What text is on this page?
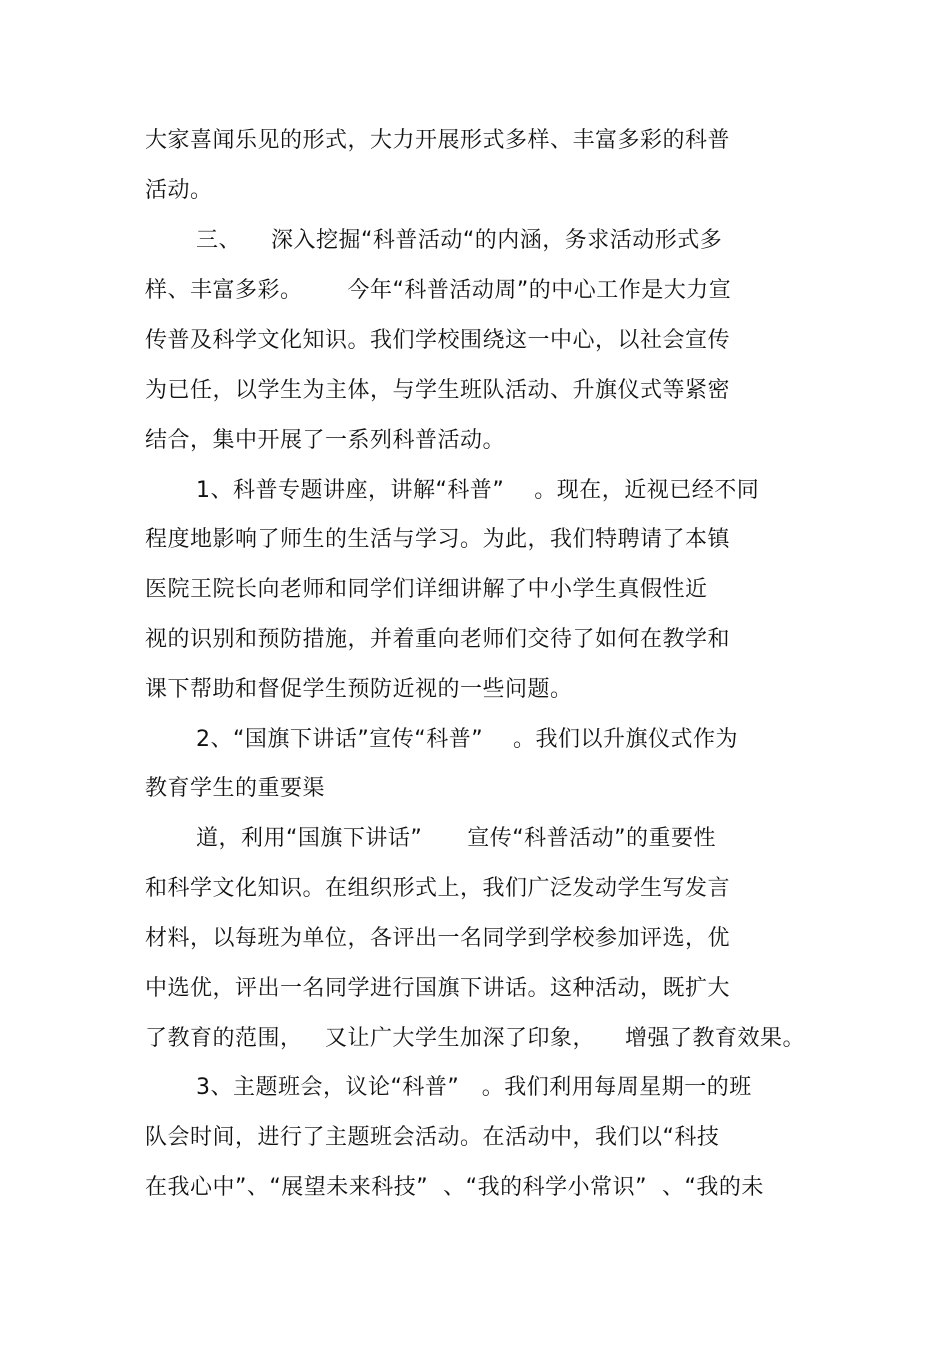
大家喜闻乐见的形式，大力开展形式多样、丰富多彩的科普
活动。
三、    深入挖掘“科普活动“的内涵，务求活动形式多
样、丰富多彩。      今年“科普活动周”的中心工作是大力宣
传普及科学文化知识。我们学校围绕这一中心，以社会宣传
为已任，以学生为主体，与学生班队活动、升旗仪式等紧密
结合，集中开展了一系列科普活动。
1、科普专题讲座，讲解“科普”    。现在，近视已经不同
程度地影响了师生的生活与学习。为此，我们特聘请了本镇
医院王院长向老师和同学们详细讲解了中小学生真假性近
视的识别和预防措施，并着重向老师们交待了如何在教学和
课下帮助和督促学生预防近视的一些问题。
2、“国旗下讲话”宣传“科普”    。我们以升旗仪式作为
教育学生的重要渠
道，利用“国旗下讲话”      宣传“科普活动”的重要性
和科学文化知识。在组织形式上，我们广泛发动学生写发言
材料，以每班为单位，各评出一名同学到学校参加评选，优
中选优，评出一名同学进行国旗下讲话。这种活动，既扩大
了教育的范围，   又让广大学生加深了印象，    增强了教育效果。
3、主题班会，议论“科普”   。我们利用每周星期一的班
队会时间，进行了主题班会活动。在活动中，我们以“科技
在我心中”、“展望未来科技”  、“我的科学小常识”  、“我的未
